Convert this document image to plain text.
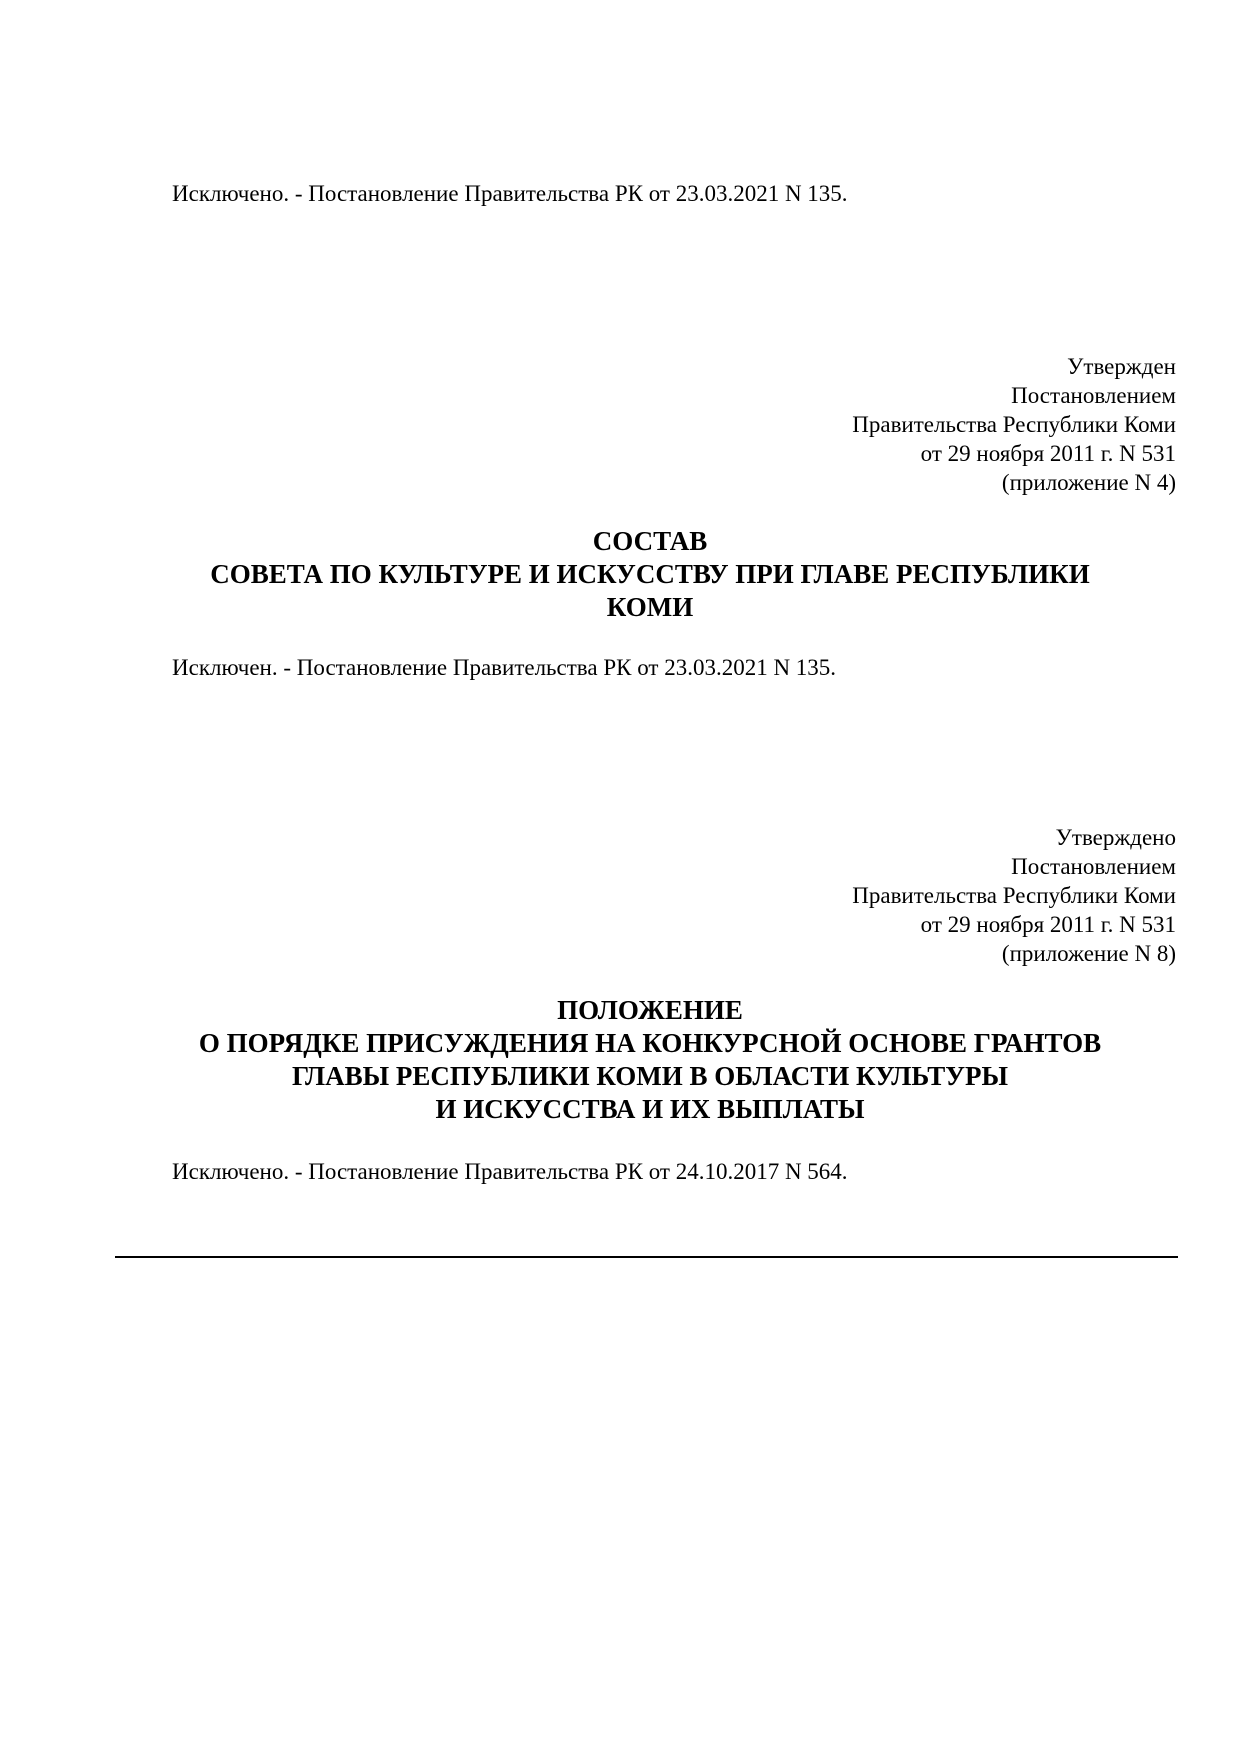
Исключено. - Постановление Правительства РК от 23.03.2021 N 135.
Утвержден
Постановлением
Правительства Республики Коми
от 29 ноября 2011 г. N 531
(приложение N 4)
СОСТАВ
СОВЕТА ПО КУЛЬТУРЕ И ИСКУССТВУ ПРИ ГЛАВЕ РЕСПУБЛИКИ
КОМИ
Исключен. - Постановление Правительства РК от 23.03.2021 N 135.
Утверждено
Постановлением
Правительства Республики Коми
от 29 ноября 2011 г. N 531
(приложение N 8)
ПОЛОЖЕНИЕ
О ПОРЯДКЕ ПРИСУЖДЕНИЯ НА КОНКУРСНОЙ ОСНОВЕ ГРАНТОВ
ГЛАВЫ РЕСПУБЛИКИ КОМИ В ОБЛАСТИ КУЛЬТУРЫ
И ИСКУССТВА И ИХ ВЫПЛАТЫ
Исключено. - Постановление Правительства РК от 24.10.2017 N 564.
